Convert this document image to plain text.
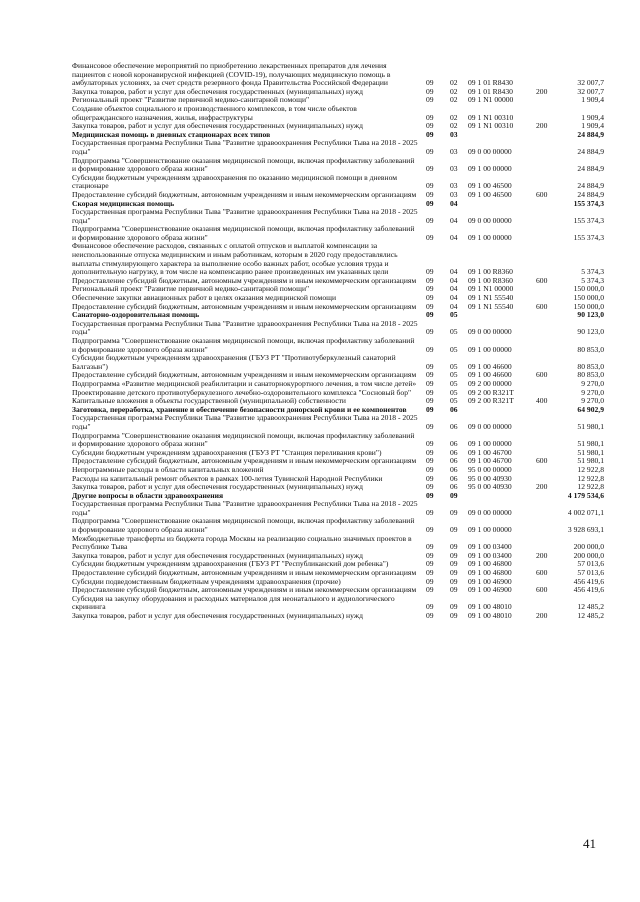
Финансовое обеспечение мероприятий по приобретению лекарственных препаратов для лечения пациентов с новой коронавирусной инфекцией (COVID-19), получающих медицинскую помощь в амбулаторных условиях, за счет средств резервного фонда Правительства Российской Федерации	09 02 09 1 01 R8430	32 007,7
Закупка товаров, работ и услуг для обеспечения государственных (муниципальных) нужд	09 02 09 1 01 R8430	200	32 007,7
Региональный проект "Развитие первичной медико-санитарной помощи"	09 02 09 1 N1 00000	1 909,4
Создание объектов социального и производственного комплексов, в том числе объектов общегражданского назначения, жилья, инфраструктуры	09 02 09 1 N1 00310	1 909,4
Закупка товаров, работ и услуг для обеспечения государственных (муниципальных) нужд	09 02 09 1 N1 00310	200	1 909,4
Медицинская помощь в дневных стационарах всех типов	09 03	24 884,9
Государственная программа Республики Тыва "Развитие здравоохранения Республики Тыва на 2018 - 2025 годы"	09 03 09 0 00 00000	24 884,9
Подпрограмма "Совершенствование оказания медицинской помощи, включая профилактику заболеваний и формирование здорового образа жизни"	09 03 09 1 00 00000	24 884,9
Субсидии бюджетным учреждениям здравоохранения по оказанию медицинской помощи в дневном стационаре	09 03 09 1 00 46500	24 884,9
Предоставление субсидий бюджетным, автономным учреждениям и иным некоммерческим организациям 09 03 09 1 00 46500	600	24 884,9
Скорая медицинская помощь	09 04	155 374,3
Государственная программа Республики Тыва "Развитие здравоохранения Республики Тыва на 2018 - 2025 годы"	09 04 09 0 00 00000	155 374,3
Подпрограмма "Совершенствование оказания медицинской помощи, включая профилактику заболеваний и формирование здорового образа жизни"	09 04 09 1 00 00000	155 374,3
Финансовое обеспечение расходов, связанных с оплатой отпусков и выплатой компенсации за неиспользованные отпуска медицинским и иным работникам, которым в 2020 году предоставлялись выплаты стимулирующего характера за выполнение особо важных работ, особые условия труда и дополнительную нагрузку, в том числе на компенсацию ранее произведенных им указанных цели	09 04 09 1 00 R8360	5 374,3
Предоставление субсидий бюджетным, автономным учреждениям и иным некоммерческим организациям 09 04 09 1 00 R8360	600	5 374,3
Региональный проект "Развитие первичной медико-санитарной помощи"	09 04 09 1 N1 00000	150 000,0
Обеспечение закупки авиационных работ в целях оказания медицинской помощи	09 04 09 1 N1 55540	150 000,0
Предоставление субсидий бюджетным, автономным учреждениям и иным некоммерческим организациям 09 04 09 1 N1 55540	600	150 000,0
Санаторно-оздоровительная помощь	09 05	90 123,0
Государственная программа Республики Тыва "Развитие здравоохранения Республики Тыва на 2018 - 2025 годы"	09 05 09 0 00 00000	90 123,0
Подпрограмма "Совершенствование оказания медицинской помощи, включая профилактику заболеваний и формирование здорового образа жизни"	09 05 09 1 00 00000	80 853,0
Субсидии бюджетным учреждениям здравоохранения (ГБУЗ РТ "Противотуберкулезный санаторий Балгазын")	09 05 09 1 00 46600	80 853,0
Предоставление субсидий бюджетным, автономным учреждениям и иным некоммерческим организациям 09 05 09 1 00 46600	600	80 853,0
Подпрограмма «Развитие медицинской реабилитации и санаторнокурортного лечения, в том числе детей» 09 05 09 2 00 00000	9 270,0
Проектирование детского противотуберкулезного лечебно-оздоровительного комплекса "Сосновый бор"	09 05 09 2 00 R321T	9 270,0
Капитальные вложения в объекты государственной (муниципальной) собственности	09 05 09 2 00 R321T	400	9 270,0
Заготовка, переработка, хранение и обеспечение безопасности донорской крови и ее компонентов	09 06	64 902,9
Государственная программа Республики Тыва "Развитие здравоохранения Республики Тыва на 2018 - 2025 годы"	09 06 09 0 00 00000	51 980,1
Подпрограмма "Совершенствование оказания медицинской помощи, включая профилактику заболеваний и формирование здорового образа жизни"	09 06 09 1 00 00000	51 980,1
Субсидии бюджетным учреждениям здравоохранения (ГБУЗ РТ "Станция переливания крови")	09 06 09 1 00 46700	51 980,1
Предоставление субсидий бюджетным, автономным учреждениям и иным некоммерческим организациям 09 06 09 1 00 46700	600	51 980,1
Непрограммные расходы в области капитальных вложений	09 06 95 0 00 00000	12 922,8
Расходы на капитальный ремонт объектов в рамках 100-летия Тувинской Народной Республики	09 06 95 0 00 40930	12 922,8
Закупка товаров, работ и услуг для обеспечения государственных (муниципальных) нужд	09 06 95 0 00 40930	200	12 922,8
Другие вопросы в области здравоохранения	09 09	4 179 534,6
Государственная программа Республики Тыва "Развитие здравоохранения Республики Тыва на 2018 - 2025 годы"	09 09 09 0 00 00000	4 002 071,1
Подпрограмма "Совершенствование оказания медицинской помощи, включая профилактику заболеваний и формирование здорового образа жизни"	09 09 09 1 00 00000	3 928 693,1
Межбюджетные трансферты из бюджета города Москвы на реализацию социально значимых проектов в Республике Тыва	09 09 09 1 00 03400	200 000,0
Закупка товаров, работ и услуг для обеспечения государственных (муниципальных) нужд	09 09 09 1 00 03400	200	200 000,0
Субсидии бюджетным учреждениям здравоохранения (ГБУЗ РТ "Республиканский дом ребенка")	09 09 09 1 00 46800	57 013,6
Предоставление субсидий бюджетным, автономным учреждениям и иным некоммерческим организациям 09 09 09 1 00 46800	600	57 013,6
Субсидии подведомственным бюджетным учреждениям здравоохранения (прочие)	09 09 09 1 00 46900	456 419,6
Предоставление субсидий бюджетным, автономным учреждениям и иным некоммерческим организациям 09 09 09 1 00 46900	600	456 419,6
Субсидия на закупку оборудования и расходных материалов для неонатального и аудиологического скрининга	09 09 09 1 00 48010	12 485,2
Закупка товаров, работ и услуг для обеспечения государственных (муниципальных) нужд	09 09 09 1 00 48010	200	12 485,2
41
